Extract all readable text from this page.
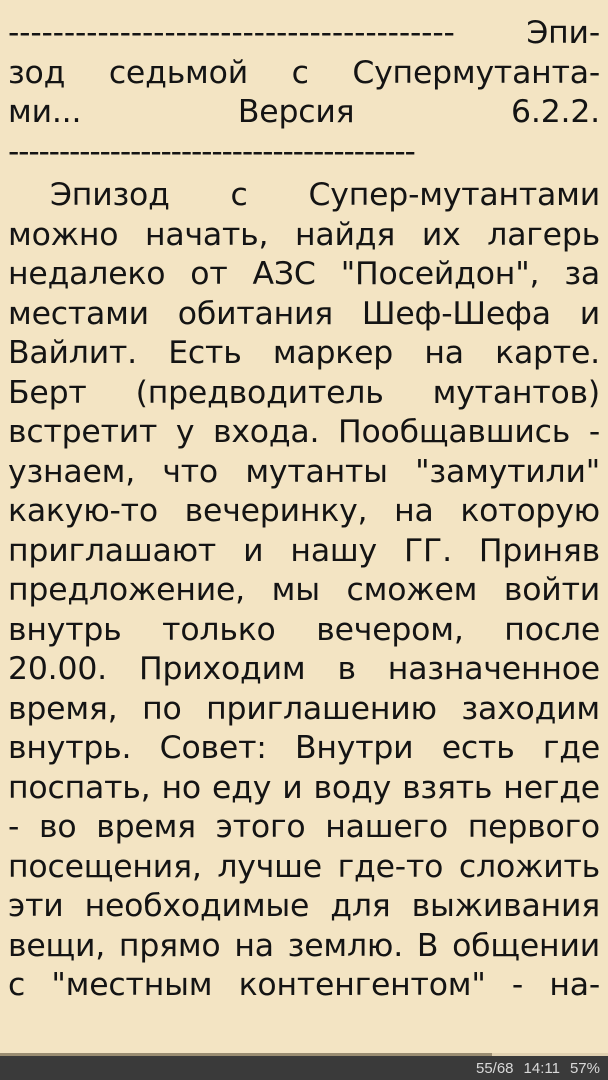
---------------------------------------- Эпи-
зод седьмой с Супермутанта-
ми... Версия 6.2.2.
----------------------------------------

Эпизод с Супер-мутантами можно начать, найдя их лагерь недалеко от АЗС "Посейдон", за местами обитания Шеф-Шефа и Вайлит. Есть маркер на карте. Берт (предводитель мутантов) встретит у входа. Пообщавшись - узнаем, что мутанты "замутили" какую-то вечеринку, на которую приглашают и нашу ГГ. Приняв предложение, мы сможем войти внутрь только вечером, после 20.00. Приходим в назначенное время, по приглашению заходим внутрь. Совет: Внутри есть где поспать, но еду и воду взять негде - во время этого нашего первого посещения, лучше где-то сложить эти необходимые для выживания вещи, прямо на землю. В общении с "местным контенгентом" - на-

55/68 14:11 57%
